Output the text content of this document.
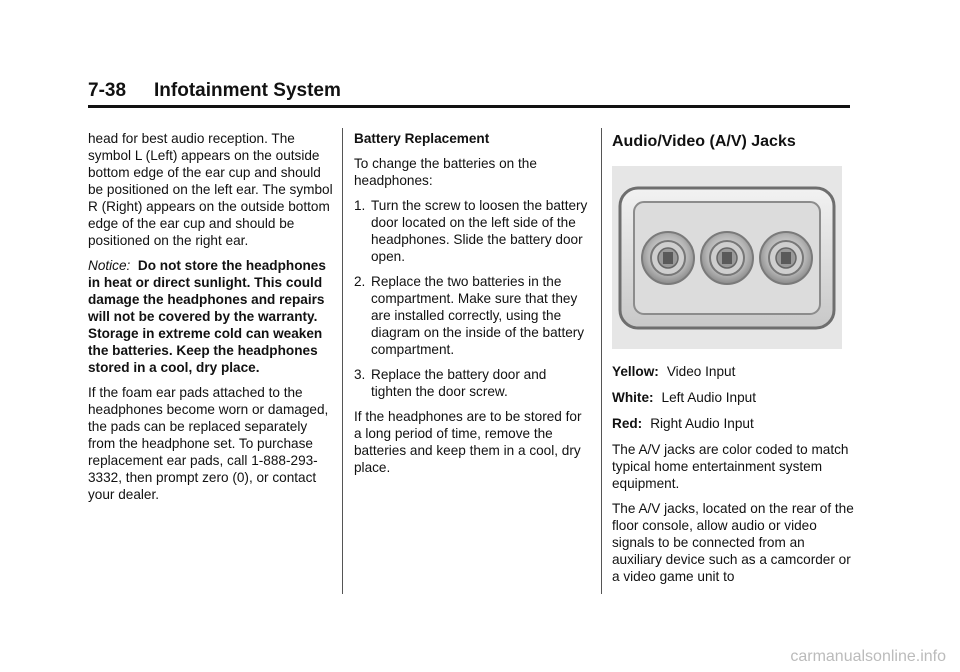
7-38 Infotainment System

head for best audio reception. The symbol L (Left) appears on the outside bottom edge of the ear cup and should be positioned on the left ear. The symbol R (Right) appears on the outside bottom edge of the ear cup and should be positioned on the right ear.

Notice: Do not store the headphones in heat or direct sunlight. This could damage the headphones and repairs will not be covered by the warranty. Storage in extreme cold can weaken the batteries. Keep the headphones stored in a cool, dry place.

If the foam ear pads attached to the headphones become worn or damaged, the pads can be replaced separately from the headphone set. To purchase replacement ear pads, call 1-888-293-3332, then prompt zero (0), or contact your dealer.

Battery Replacement

To change the batteries on the headphones:

1. Turn the screw to loosen the battery door located on the left side of the headphones. Slide the battery door open.
2. Replace the two batteries in the compartment. Make sure that they are installed correctly, using the diagram on the inside of the battery compartment.
3. Replace the battery door and tighten the door screw.

If the headphones are to be stored for a long period of time, remove the batteries and keep them in a cool, dry place.

Audio/Video (A/V) Jacks

Yellow: Video Input

White: Left Audio Input

Red: Right Audio Input

The A/V jacks are color coded to match typical home entertainment system equipment.

The A/V jacks, located on the rear of the floor console, allow audio or video signals to be connected from an auxiliary device such as a camcorder or a video game unit to

carmanualsonline.info
